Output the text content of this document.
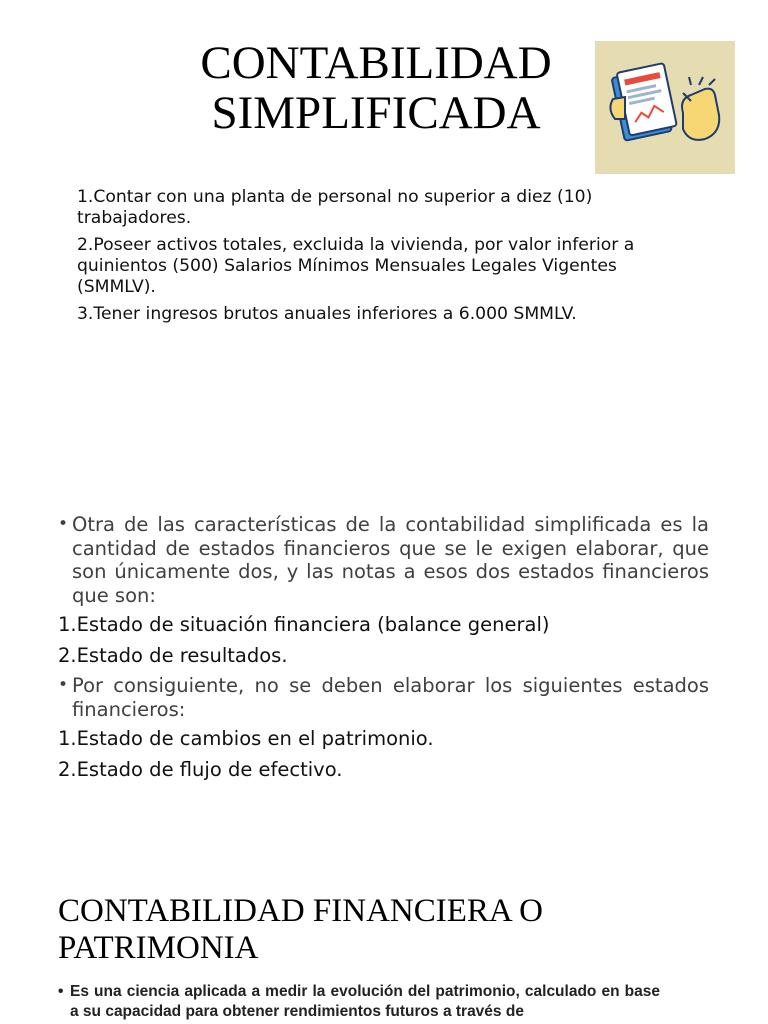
CONTABILIDAD SIMPLIFICADA
1.Contar con una planta de personal no superior a diez (10) trabajadores.
2.Poseer activos totales, excluida la vivienda, por valor inferior a quinientos (500) Salarios Mínimos Mensuales Legales Vigentes (SMMLV).
3.Tener ingresos brutos anuales inferiores a 6.000 SMMLV.
• Otra de las características de la contabilidad simplificada es la cantidad de estados financieros que se le exigen elaborar, que son únicamente dos, y las notas a esos dos estados financieros que son:
1.Estado de situación financiera (balance general)
2.Estado de resultados.
• Por consiguiente, no se deben elaborar los siguientes estados financieros:
1.Estado de cambios en el patrimonio.
2.Estado de flujo de efectivo.
CONTABILIDAD FINANCIERA O PATRIMONIA
• Es una ciencia aplicada a medir la evolución del patrimonio, calculado en base a su capacidad para obtener rendimientos futuros a través de
